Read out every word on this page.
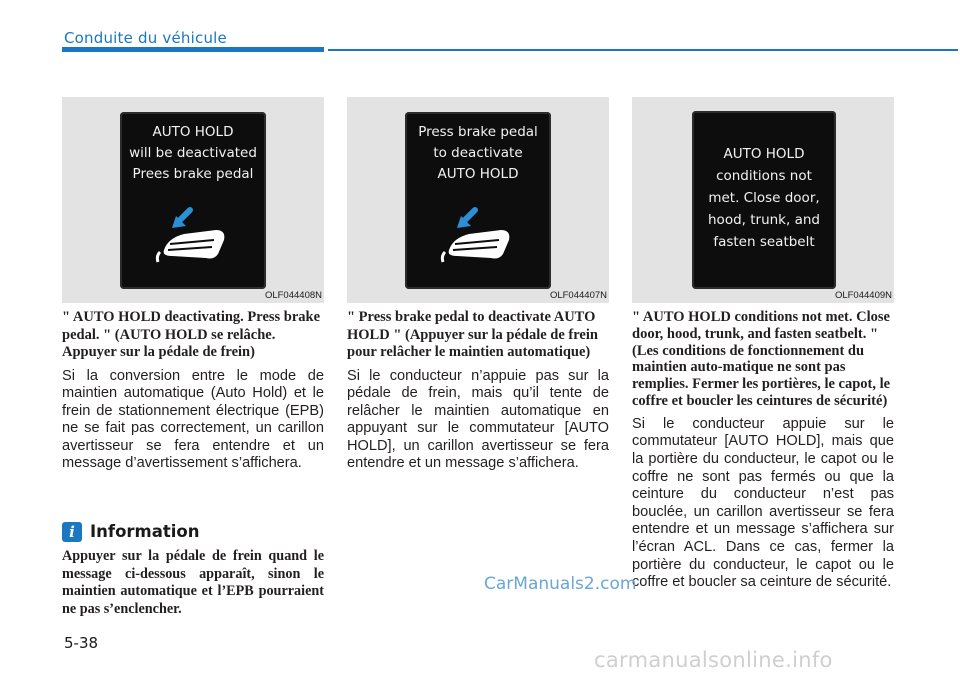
Conduite du véhicule
AUTO HOLD
will be deactivated
Prees brake pedal
OLF044408N
Press brake pedal
to deactivate
AUTO HOLD
OLF044407N
AUTO HOLD
conditions not
met. Close door,
hood, trunk, and
fasten seatbelt
OLF044409N

" AUTO HOLD deactivating. Press brake pedal. " (AUTO HOLD se relâche. Appuyer sur la pédale de frein)

Si la conversion entre le mode de maintien automatique (Auto Hold) et le frein de stationnement électrique (EPB) ne se fait pas correctement, un carillon avertisseur se fera entendre et un message d’avertissement s’affichera.

" Press brake pedal to deactivate AUTO HOLD " (Appuyer sur la pédale de frein pour relâcher le maintien automatique)

Si le conducteur n’appuie pas sur la pédale de frein, mais qu’il tente de relâcher le maintien automatique en appuyant sur le commutateur [AUTO HOLD], un carillon avertisseur se fera entendre et un message s’affichera.

" AUTO HOLD conditions not met. Close door, hood, trunk, and fasten seatbelt. " (Les conditions de fonctionnement du maintien auto-matique ne sont pas remplies. Fermer les portières, le capot, le coffre et boucler les ceintures de sécurité)

Si le conducteur appuie sur le commutateur [AUTO HOLD], mais que la portière du conducteur, le capot ou le coffre ne sont pas fermés ou que la ceinture du conducteur n’est pas bouclée, un carillon avertisseur se fera entendre et un message s’affichera sur l’écran ACL. Dans ce cas, fermer la portière du conducteur, le capot ou le coffre et boucler sa ceinture de sécurité.

i Information

Appuyer sur la pédale de frein quand le message ci-dessous apparaît, sinon le maintien automatique et l’EPB pourraient ne pas s’enclencher.

5-38
CarManuals2.com
carmanualsonline.info
